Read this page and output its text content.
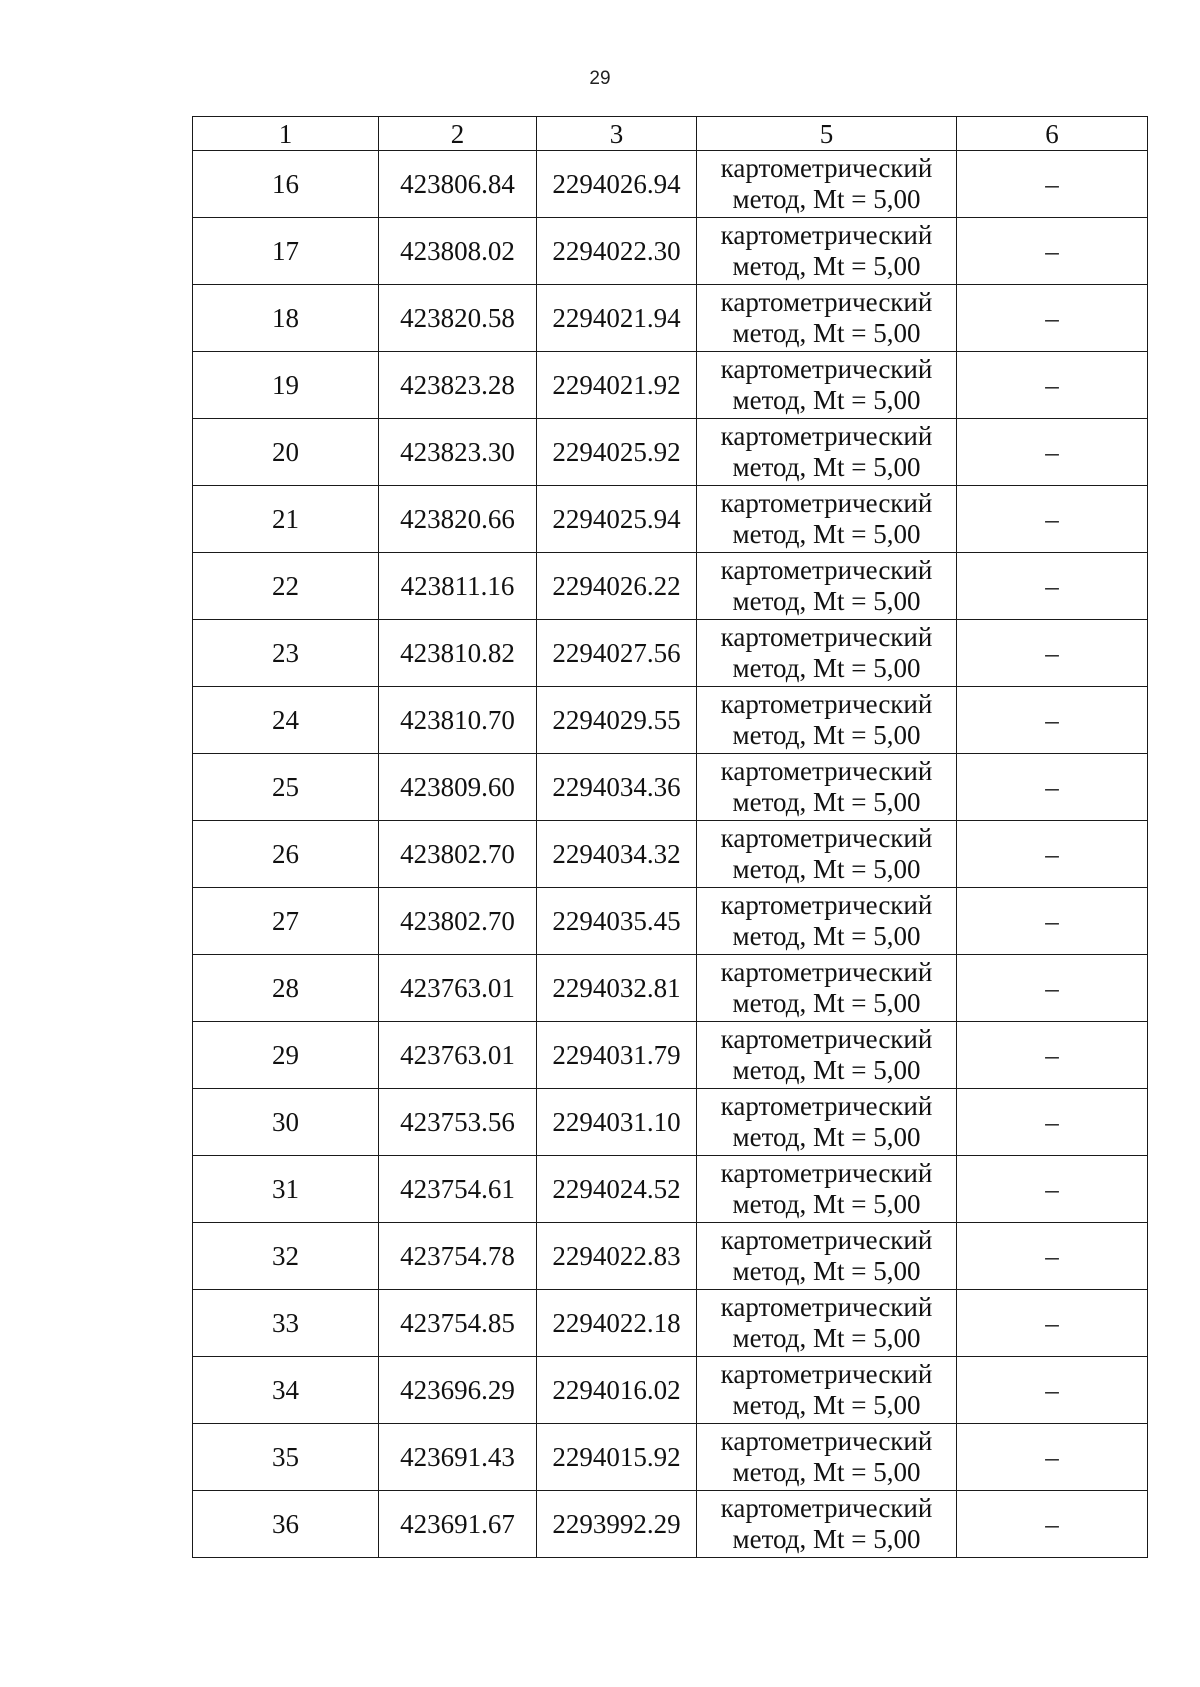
29
1	2	3	5	6
16	423806.84	2294026.94	картометрический
метод, Mt = 5,00	–
17	423808.02	2294022.30	картометрический
метод, Mt = 5,00	–
18	423820.58	2294021.94	картометрический
метод, Mt = 5,00	–
19	423823.28	2294021.92	картометрический
метод, Mt = 5,00	–
20	423823.30	2294025.92	картометрический
метод, Mt = 5,00	–
21	423820.66	2294025.94	картометрический
метод, Mt = 5,00	–
22	423811.16	2294026.22	картометрический
метод, Mt = 5,00	–
23	423810.82	2294027.56	картометрический
метод, Mt = 5,00	–
24	423810.70	2294029.55	картометрический
метод, Mt = 5,00	–
25	423809.60	2294034.36	картометрический
метод, Mt = 5,00	–
26	423802.70	2294034.32	картометрический
метод, Mt = 5,00	–
27	423802.70	2294035.45	картометрический
метод, Mt = 5,00	–
28	423763.01	2294032.81	картометрический
метод, Mt = 5,00	–
29	423763.01	2294031.79	картометрический
метод, Mt = 5,00	–
30	423753.56	2294031.10	картометрический
метод, Mt = 5,00	–
31	423754.61	2294024.52	картометрический
метод, Mt = 5,00	–
32	423754.78	2294022.83	картометрический
метод, Mt = 5,00	–
33	423754.85	2294022.18	картометрический
метод, Mt = 5,00	–
34	423696.29	2294016.02	картометрический
метод, Mt = 5,00	–
35	423691.43	2294015.92	картометрический
метод, Mt = 5,00	–
36	423691.67	2293992.29	картометрический
метод, Mt = 5,00	–
